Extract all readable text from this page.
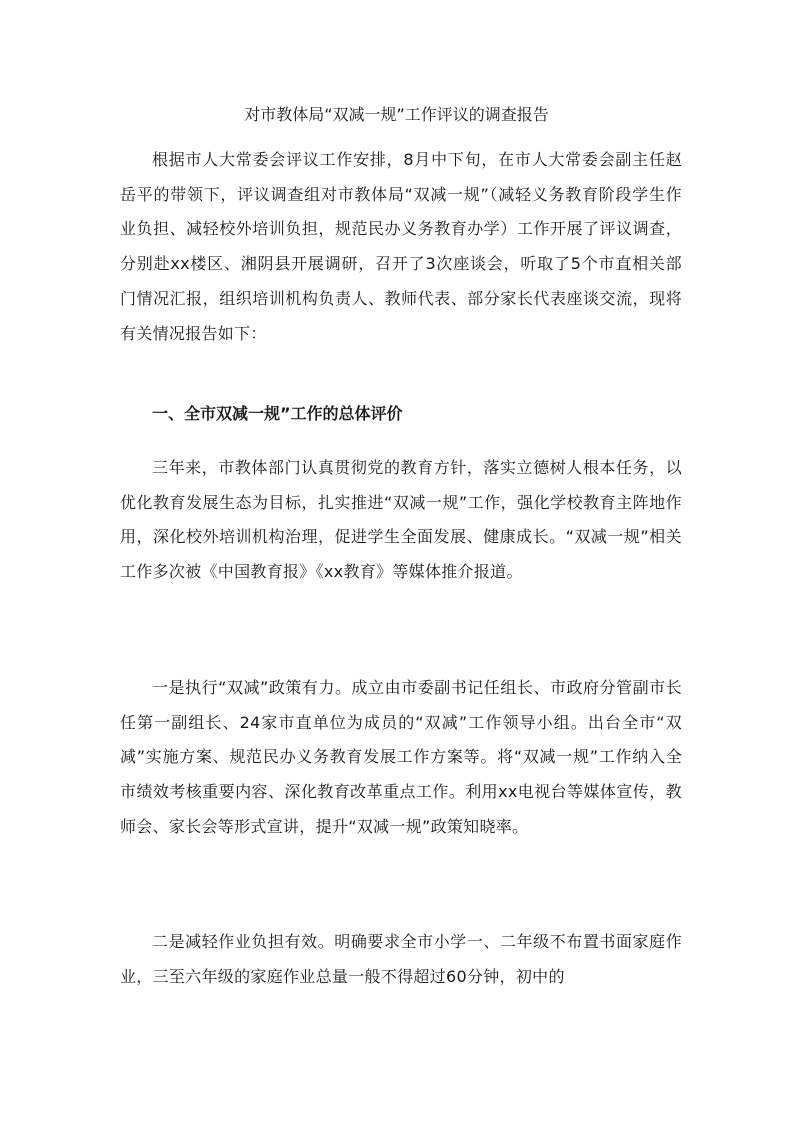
对市教体局“双减一规”工作评议的调查报告

根据市人大常委会评议工作安排，8月中下旬，在市人大常委会副主任赵岳平的带领下，评议调查组对市教体局“双减一规”（减轻义务教育阶段学生作业负担、减轻校外培训负担，规范民办义务教育办学）工作开展了评议调查，分别赴xx楼区、湘阴县开展调研，召开了3次座谈会，听取了5个市直相关部门情况汇报，组织培训机构负责人、教师代表、部分家长代表座谈交流，现将有关情况报告如下：

一、全市双减一规”工作的总体评价

三年来，市教体部门认真贯彻党的教育方针，落实立德树人根本任务，以优化教育发展生态为目标，扎实推进“双减一规”工作，强化学校教育主阵地作用，深化校外培训机构治理，促进学生全面发展、健康成长。“双减一规”相关工作多次被《中国教育报》《xx教育》等媒体推介报道。

一是执行“双减”政策有力。成立由市委副书记任组长、市政府分管副市长任第一副组长、24家市直单位为成员的“双减”工作领导小组。出台全市“双减”实施方案、规范民办义务教育发展工作方案等。将“双减一规”工作纳入全市绩效考核重要内容、深化教育改革重点工作。利用xx电视台等媒体宣传，教师会、家长会等形式宣讲，提升“双减一规”政策知晓率。

二是减轻作业负担有效。明确要求全市小学一、二年级不布置书面家庭作业，三至六年级的家庭作业总量一般不得超过60分钟，初中的
